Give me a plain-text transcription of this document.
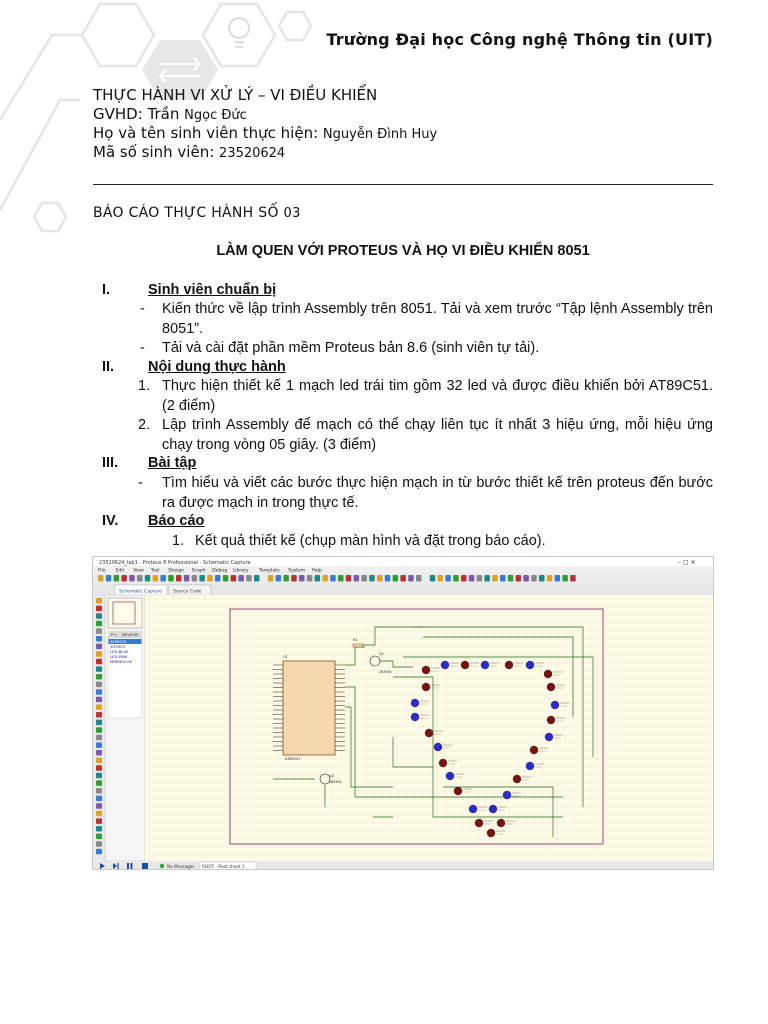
Trường Đại học Công nghệ Thông tin (UIT)
THỰC HÀNH VI XỬ LÝ – VI ĐIỀU KHIỂN
GVHD: Trần Ngọc Đức
Họ và tên sinh viên thực hiện: Nguyễn Đình Huy
Mã số sinh viên: 23520624
BÁO CÁO THỰC HÀNH SỐ 03
LÀM QUEN VỚI PROTEUS VÀ HỌ VI ĐIỀU KHIỂN 8051
I.	Sinh viên chuẩn bị
- Kiến thức về lập trình Assembly trên 8051. Tải và xem trước “Tập lệnh Assembly trên 8051”.
- Tải và cài đặt phần mềm Proteus bản 8.6 (sinh viên tự tải).
II. Nội dung thực hành
1. Thực hiện thiết kế 1 mạch led trái tim gồm 32 led và được điều khiển bởi AT89C51. (2 điểm)
2. Lập trình Assembly để mạch có thể chạy liên tục ít nhất 3 hiệu ứng, mỗi hiệu ứng chạy trong vòng 05 giây. (3 điểm)
III. Bài tập
- Tìm hiểu và viết các bước thực hiện mạch in từ bước thiết kế trên proteus đến bước ra được mạch in trong thực tế.
IV. Báo cáo
1. Kết quả thiết kế (chụp màn hình và đặt trong báo cáo).
23520624_lab1 - Proteus 8 Professional - Schematic Capture	– □ ✕
File Edit View Tool Design Graph Debug Library Template System Help
Schematic Capture Source Code
P L DEVICES
AT89C51
2N3904
LED-BLUE
LED-PINK
MINRES10K
U1
AT89C51
Q1
2N3904
Q2
2N3904
R1
No Messages ROOT - Root sheet 1
